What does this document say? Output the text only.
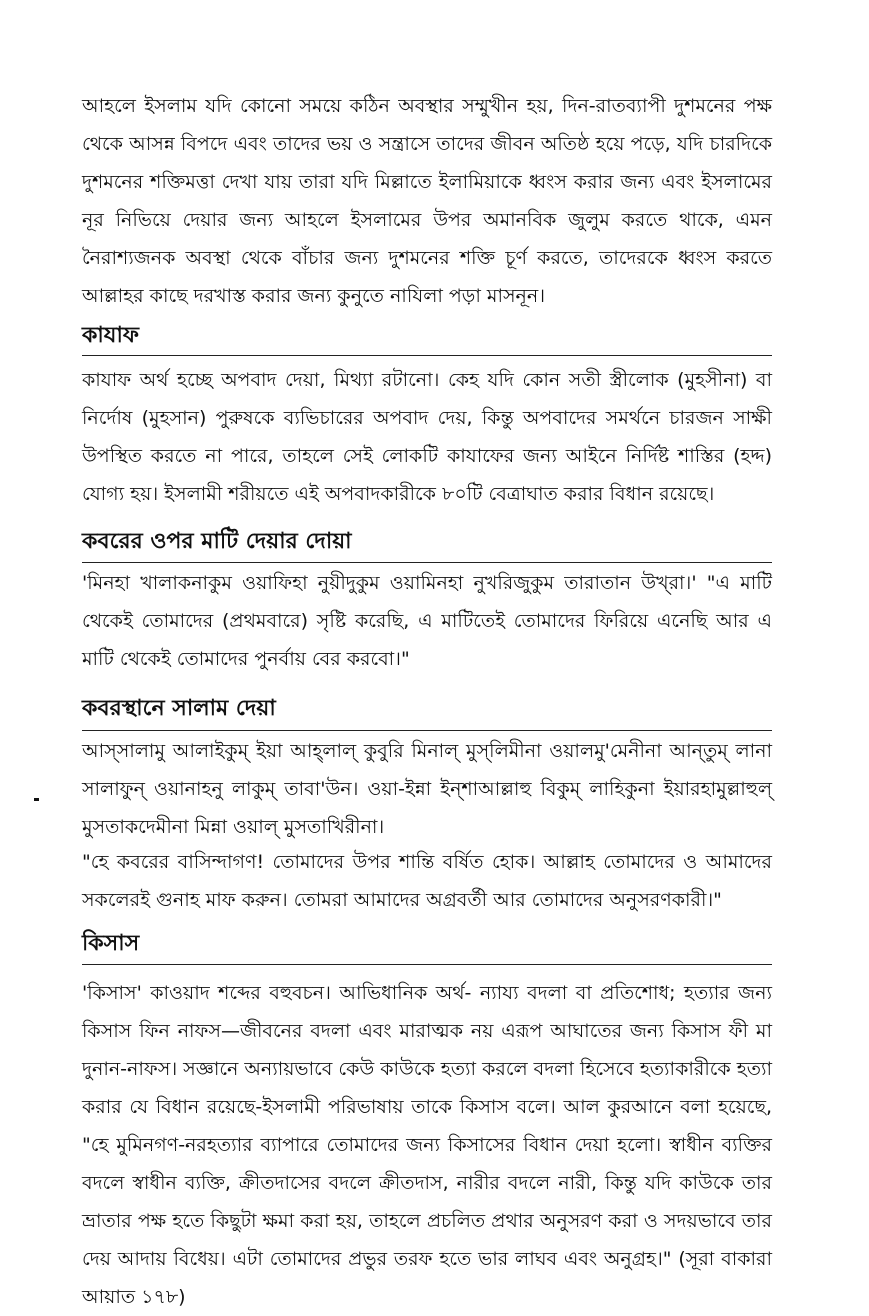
আহলে ইসলাম যদি কোনো সময়ে কঠিন অবস্থার সম্মুখীন হয়, দিন-রাতব্যাপী দুশমনের পক্ষ থেকে আসন্ন বিপদে এবং তাদের ভয় ও সন্ত্রাসে তাদের জীবন অতিষ্ঠ হয়ে পড়ে, যদি চারদিকে দুশমনের শক্তিমত্তা দেখা যায় তারা যদি মিল্লাতে ইলামিয়াকে ধ্বংস করার জন্য এবং ইসলামের নূর নিভিয়ে দেয়ার জন্য আহলে ইসলামের উপর অমানবিক জুলুম করতে থাকে, এমন নৈরাশ্যজনক অবস্থা থেকে বাঁচার জন্য দুশমনের শক্তি চূর্ণ করতে, তাদেরকে ধ্বংস করতে আল্লাহর কাছে দরখাস্ত করার জন্য কুনুতে নাযিলা পড়া মাসনূন।

কাযাফ

কাযাফ অর্থ হচ্ছে অপবাদ দেয়া, মিথ্যা রটানো। কেহ যদি কোন সতী স্ত্রীলোক (মুহসীনা) বা নির্দোষ (মুহসান) পুরুষকে ব্যভিচারের অপবাদ দেয়, কিন্তু অপবাদের সমর্থনে চারজন সাক্ষী উপস্থিত করতে না পারে, তাহলে সেই লোকটি কাযাফের জন্য আইনে নির্দিষ্ট শাস্তির (হদ্দ) যোগ্য হয়। ইসলামী শরীয়তে এই অপবাদকারীকে ৮০টি বেত্রাঘাত করার বিধান রয়েছে।

কবরের ওপর মাটি দেয়ার দোয়া

'মিনহা খালাকনাকুম ওয়াফিহা নুয়ীদুকুম ওয়ামিনহা নুখরিজুকুম তারাতান উখ্‌রা।' "এ মাটি থেকেই তোমাদের (প্রথমবারে) সৃষ্টি করেছি, এ মাটিতেই তোমাদের ফিরিয়ে এনেছি আর এ মাটি থেকেই তোমাদের পুনর্বায় বের করবো।"

কবরস্থানে সালাম দেয়া

আস্‌সালামু আলাইকুম্‌ ইয়া আহ্‌লাল্‌ কুবুরি মিনাল্‌ মুস্‌লিমীনা ওয়ালমু'মেনীনা আন্‌তুম্‌ লানা সালাফুন্‌ ওয়ানাহনু লাকুম্‌ তাবা'উন। ওয়া-ইন্না ইন্‌শাআল্লাহু বিকুম্‌ লাহিকুনা ইয়ারহামুল্লাহুল্‌ মুসতাকদেমীনা মিন্না ওয়াল্‌ মুসতাখিরীনা।

"হে কবরের বাসিন্দাগণ! তোমাদের উপর শান্তি বর্ষিত হোক। আল্লাহ তোমাদের ও আমাদের সকলেরই গুনাহ মাফ করুন। তোমরা আমাদের অগ্রবর্তী আর তোমাদের অনুসরণকারী।"

কিসাস

'কিসাস' কাওয়াদ শব্দের বহুবচন। আভিধানিক অর্থ- ন্যায্য বদলা বা প্রতিশোধ; হত্যার জন্য কিসাস ফিন নাফস—জীবনের বদলা এবং মারাত্মক নয় এরূপ আঘাতের জন্য কিসাস ফী মা দুনান-নাফস। সজ্ঞানে অন্যায়ভাবে কেউ কাউকে হত্যা করলে বদলা হিসেবে হত্যাকারীকে হত্যা করার যে বিধান রয়েছে-ইসলামী পরিভাষায় তাকে কিসাস বলে। আল কুরআনে বলা হয়েছে, "হে মুমিনগণ-নরহত্যার ব্যাপারে তোমাদের জন্য কিসাসের বিধান দেয়া হলো। স্বাধীন ব্যক্তির বদলে স্বাধীন ব্যক্তি, ক্রীতদাসের বদলে ক্রীতদাস, নারীর বদলে নারী, কিন্তু যদি কাউকে তার ভ্রাতার পক্ষ হতে কিছুটা ক্ষমা করা হয়, তাহলে প্রচলিত প্রথার অনুসরণ করা ও সদয়ভাবে তার দেয় আদায় বিধেয়। এটা তোমাদের প্রভুর তরফ হতে ভার লাঘব এবং অনুগ্রহ।" (সূরা বাকারা আয়াত ১৭৮)
